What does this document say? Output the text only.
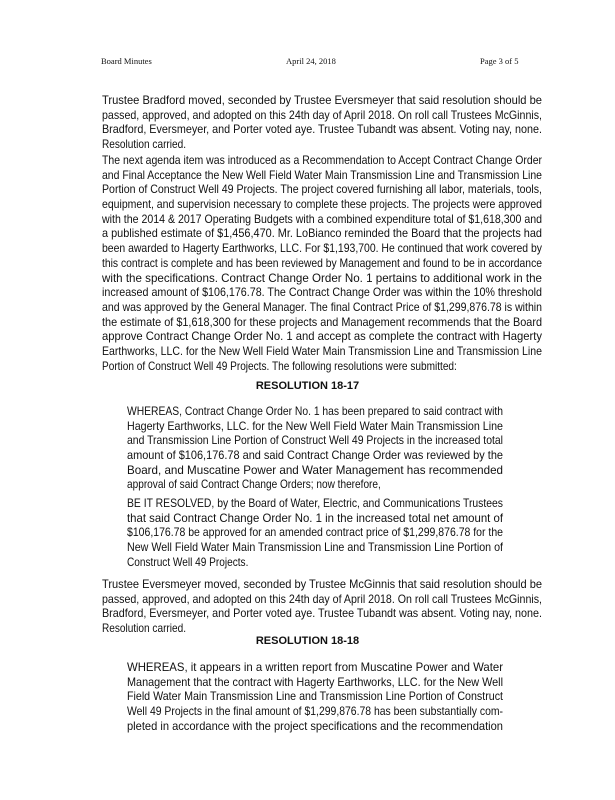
Board Minutes	April 24, 2018	Page 3 of 5
Trustee Bradford moved, seconded by Trustee Eversmeyer that said resolution should be
passed, approved, and adopted on this 24th day of April 2018. On roll call Trustees McGinnis,
Bradford, Eversmeyer, and Porter voted aye. Trustee Tubandt was absent. Voting nay, none.
Resolution carried.
The next agenda item was introduced as a Recommendation to Accept Contract Change Order
and Final Acceptance the New Well Field Water Main Transmission Line and Transmission Line
Portion of Construct Well 49 Projects. The project covered furnishing all labor, materials, tools,
equipment, and supervision necessary to complete these projects. The projects were approved
with the 2014 & 2017 Operating Budgets with a combined expenditure total of $1,618,300 and
a published estimate of $1,456,470. Mr. LoBianco reminded the Board that the projects had
been awarded to Hagerty Earthworks, LLC. For $1,193,700. He continued that work covered by
this contract is complete and has been reviewed by Management and found to be in accordance
with the specifications. Contract Change Order No. 1 pertains to additional work in the
increased amount of $106,176.78. The Contract Change Order was within the 10% threshold
and was approved by the General Manager. The final Contract Price of $1,299,876.78 is within
the estimate of $1,618,300 for these projects and Management recommends that the Board
approve Contract Change Order No. 1 and accept as complete the contract with Hagerty
Earthworks, LLC. for the New Well Field Water Main Transmission Line and Transmission Line
Portion of Construct Well 49 Projects. The following resolutions were submitted:
RESOLUTION 18-17
WHEREAS, Contract Change Order No. 1 has been prepared to said contract with
Hagerty Earthworks, LLC. for the New Well Field Water Main Transmission Line
and Transmission Line Portion of Construct Well 49 Projects in the increased total
amount of $106,176.78 and said Contract Change Order was reviewed by the
Board, and Muscatine Power and Water Management has recommended
approval of said Contract Change Orders; now therefore,
BE IT RESOLVED, by the Board of Water, Electric, and Communications Trustees
that said Contract Change Order No. 1 in the increased total net amount of
$106,176.78 be approved for an amended contract price of $1,299,876.78 for the
New Well Field Water Main Transmission Line and Transmission Line Portion of
Construct Well 49 Projects.
Trustee Eversmeyer moved, seconded by Trustee McGinnis that said resolution should be
passed, approved, and adopted on this 24th day of April 2018. On roll call Trustees McGinnis,
Bradford, Eversmeyer, and Porter voted aye. Trustee Tubandt was absent. Voting nay, none.
Resolution carried.
RESOLUTION 18-18
WHEREAS, it appears in a written report from Muscatine Power and Water
Management that the contract with Hagerty Earthworks, LLC. for the New Well
Field Water Main Transmission Line and Transmission Line Portion of Construct
Well 49 Projects in the final amount of $1,299,876.78 has been substantially com-
pleted in accordance with the project specifications and the recommendation
